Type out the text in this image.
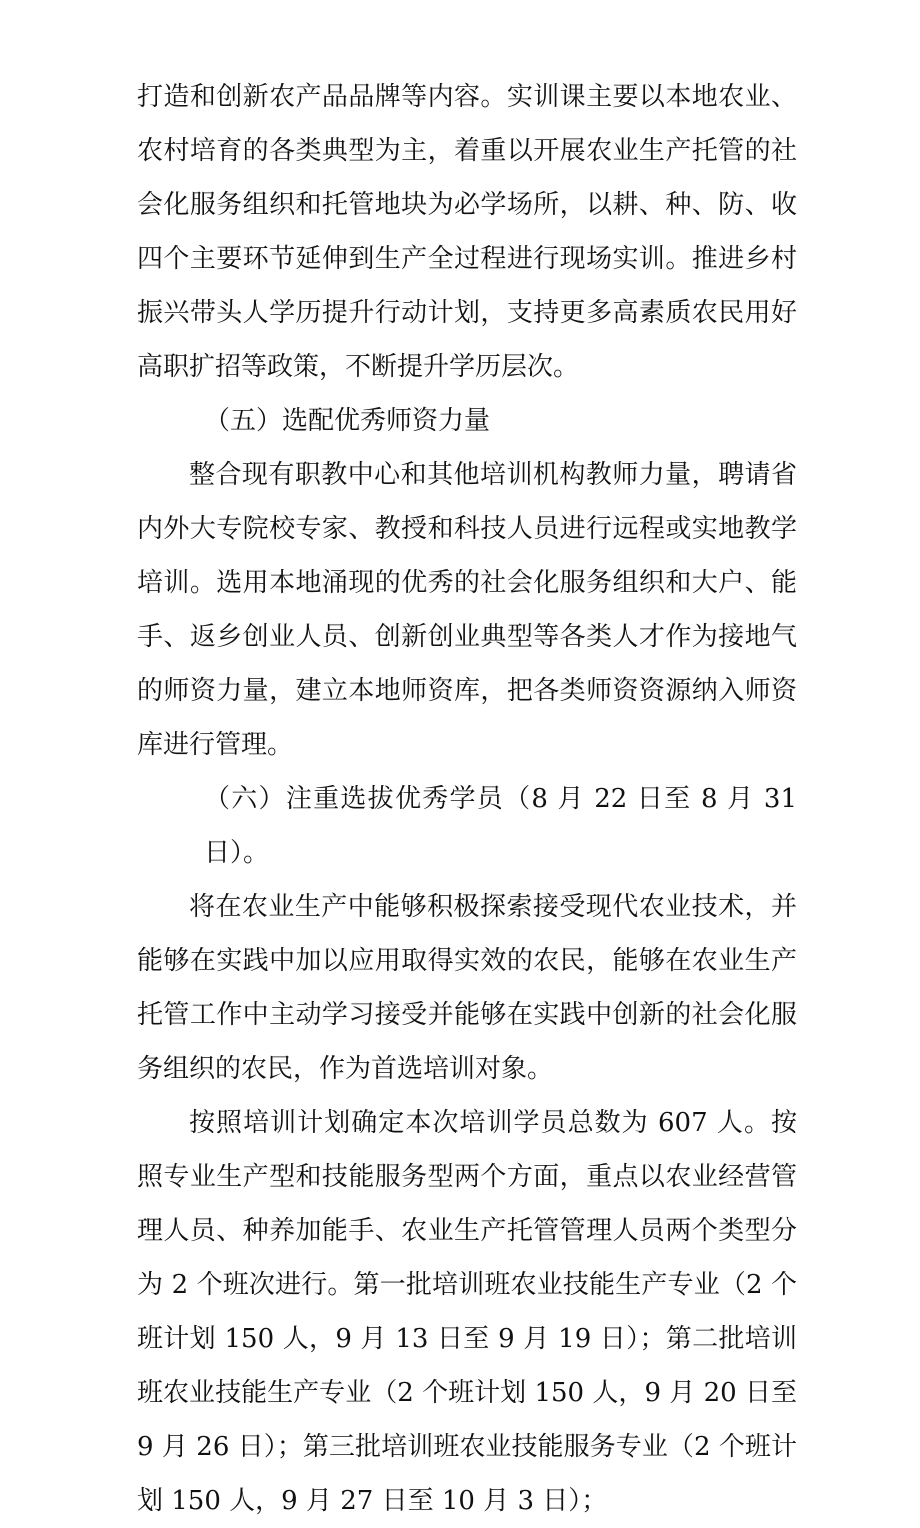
打造和创新农产品品牌等内容。实训课主要以本地农业、农村培育的各类典型为主，着重以开展农业生产托管的社会化服务组织和托管地块为必学场所，以耕、种、防、收四个主要环节延伸到生产全过程进行现场实训。推进乡村振兴带头人学历提升行动计划，支持更多高素质农民用好高职扩招等政策，不断提升学历层次。

（五）选配优秀师资力量

整合现有职教中心和其他培训机构教师力量，聘请省内外大专院校专家、教授和科技人员进行远程或实地教学培训。选用本地涌现的优秀的社会化服务组织和大户、能手、返乡创业人员、创新创业典型等各类人才作为接地气的师资力量，建立本地师资库，把各类师资资源纳入师资库进行管理。

（六）注重选拔优秀学员（8 月 22 日至 8 月 31 日）。

将在农业生产中能够积极探索接受现代农业技术，并能够在实践中加以应用取得实效的农民，能够在农业生产托管工作中主动学习接受并能够在实践中创新的社会化服务组织的农民，作为首选培训对象。

按照培训计划确定本次培训学员总数为 607 人。按照专业生产型和技能服务型两个方面，重点以农业经营管理人员、种养加能手、农业生产托管管理人员两个类型分为 2 个班次进行。第一批培训班农业技能生产专业（2 个班计划 150 人，9 月 13 日至 9 月 19 日）；第二批培训班农业技能生产专业（2 个班计划 150 人，9 月 20 日至 9 月 26 日）；第三批培训班农业技能服务专业（2 个班计划 150 人，9 月 27 日至 10 月 3 日）；
